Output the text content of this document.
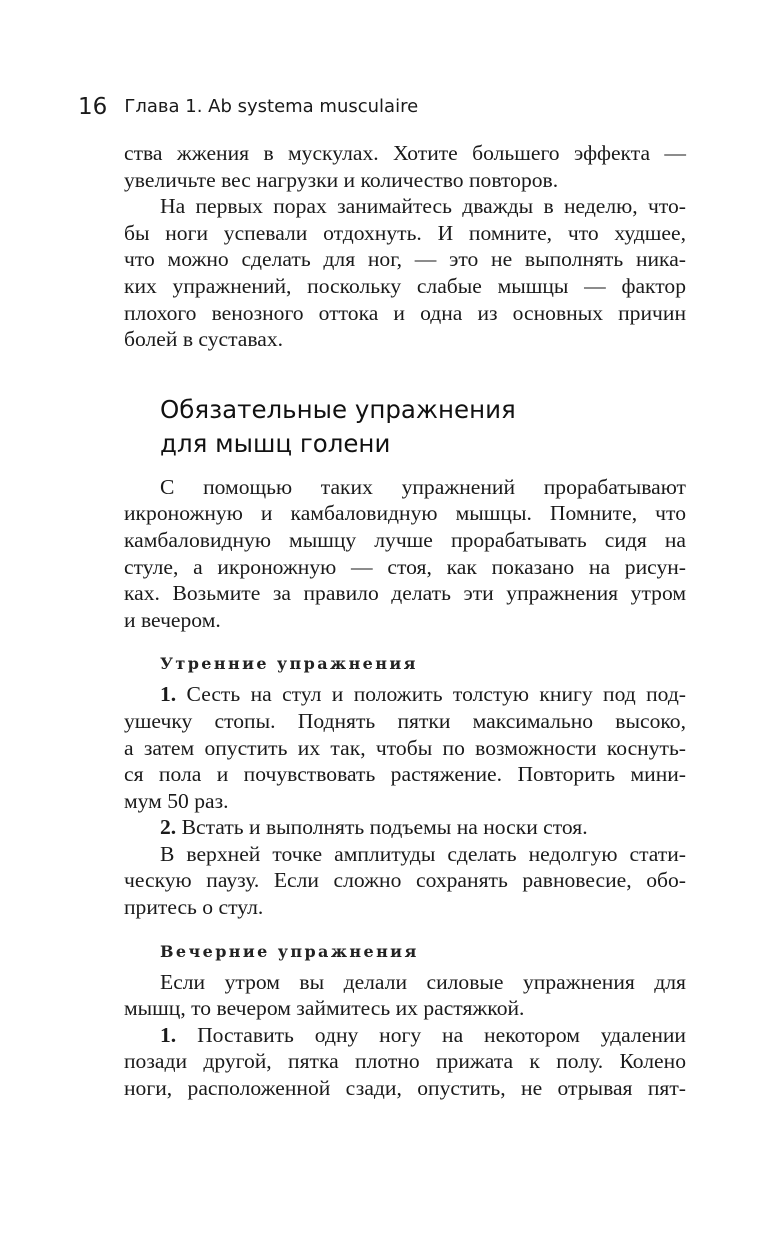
16 Глава 1. Ab systema musculaire

ства жжения в мускулах. Хотите большего эффекта —
увеличьте вес нагрузки и количество повторов.

На первых порах занимайтесь дважды в неделю, что-
бы ноги успевали отдохнуть. И помните, что худшее,
что можно сделать для ног, — это не выполнять ника-
ких упражнений, поскольку слабые мышцы — фактор
плохого венозного оттока и одна из основных причин
болей в суставах.

Обязательные упражнения
для мышц голени

С помощью таких упражнений прорабатывают
икроножную и камбаловидную мышцы. Помните, что
камбаловидную мышцу лучше прорабатывать сидя на
стуле, а икроножную — стоя, как показано на рисун-
ках. Возьмите за правило делать эти упражнения утром
и вечером.

Утренние упражнения

1. Сесть на стул и положить толстую книгу под под-
ушечку стопы. Поднять пятки максимально высоко,
а затем опустить их так, чтобы по возможности коснуть-
ся пола и почувствовать растяжение. Повторить мини-
мум 50 раз.

2. Встать и выполнять подъемы на носки стоя.

В верхней точке амплитуды сделать недолгую стати-
ческую паузу. Если сложно сохранять равновесие, обо-
притесь о стул.

Вечерние упражнения

Если утром вы делали силовые упражнения для
мышц, то вечером займитесь их растяжкой.

1. Поставить одну ногу на некотором удалении
позади другой, пятка плотно прижата к полу. Колено
ноги, расположенной сзади, опустить, не отрывая пят-
